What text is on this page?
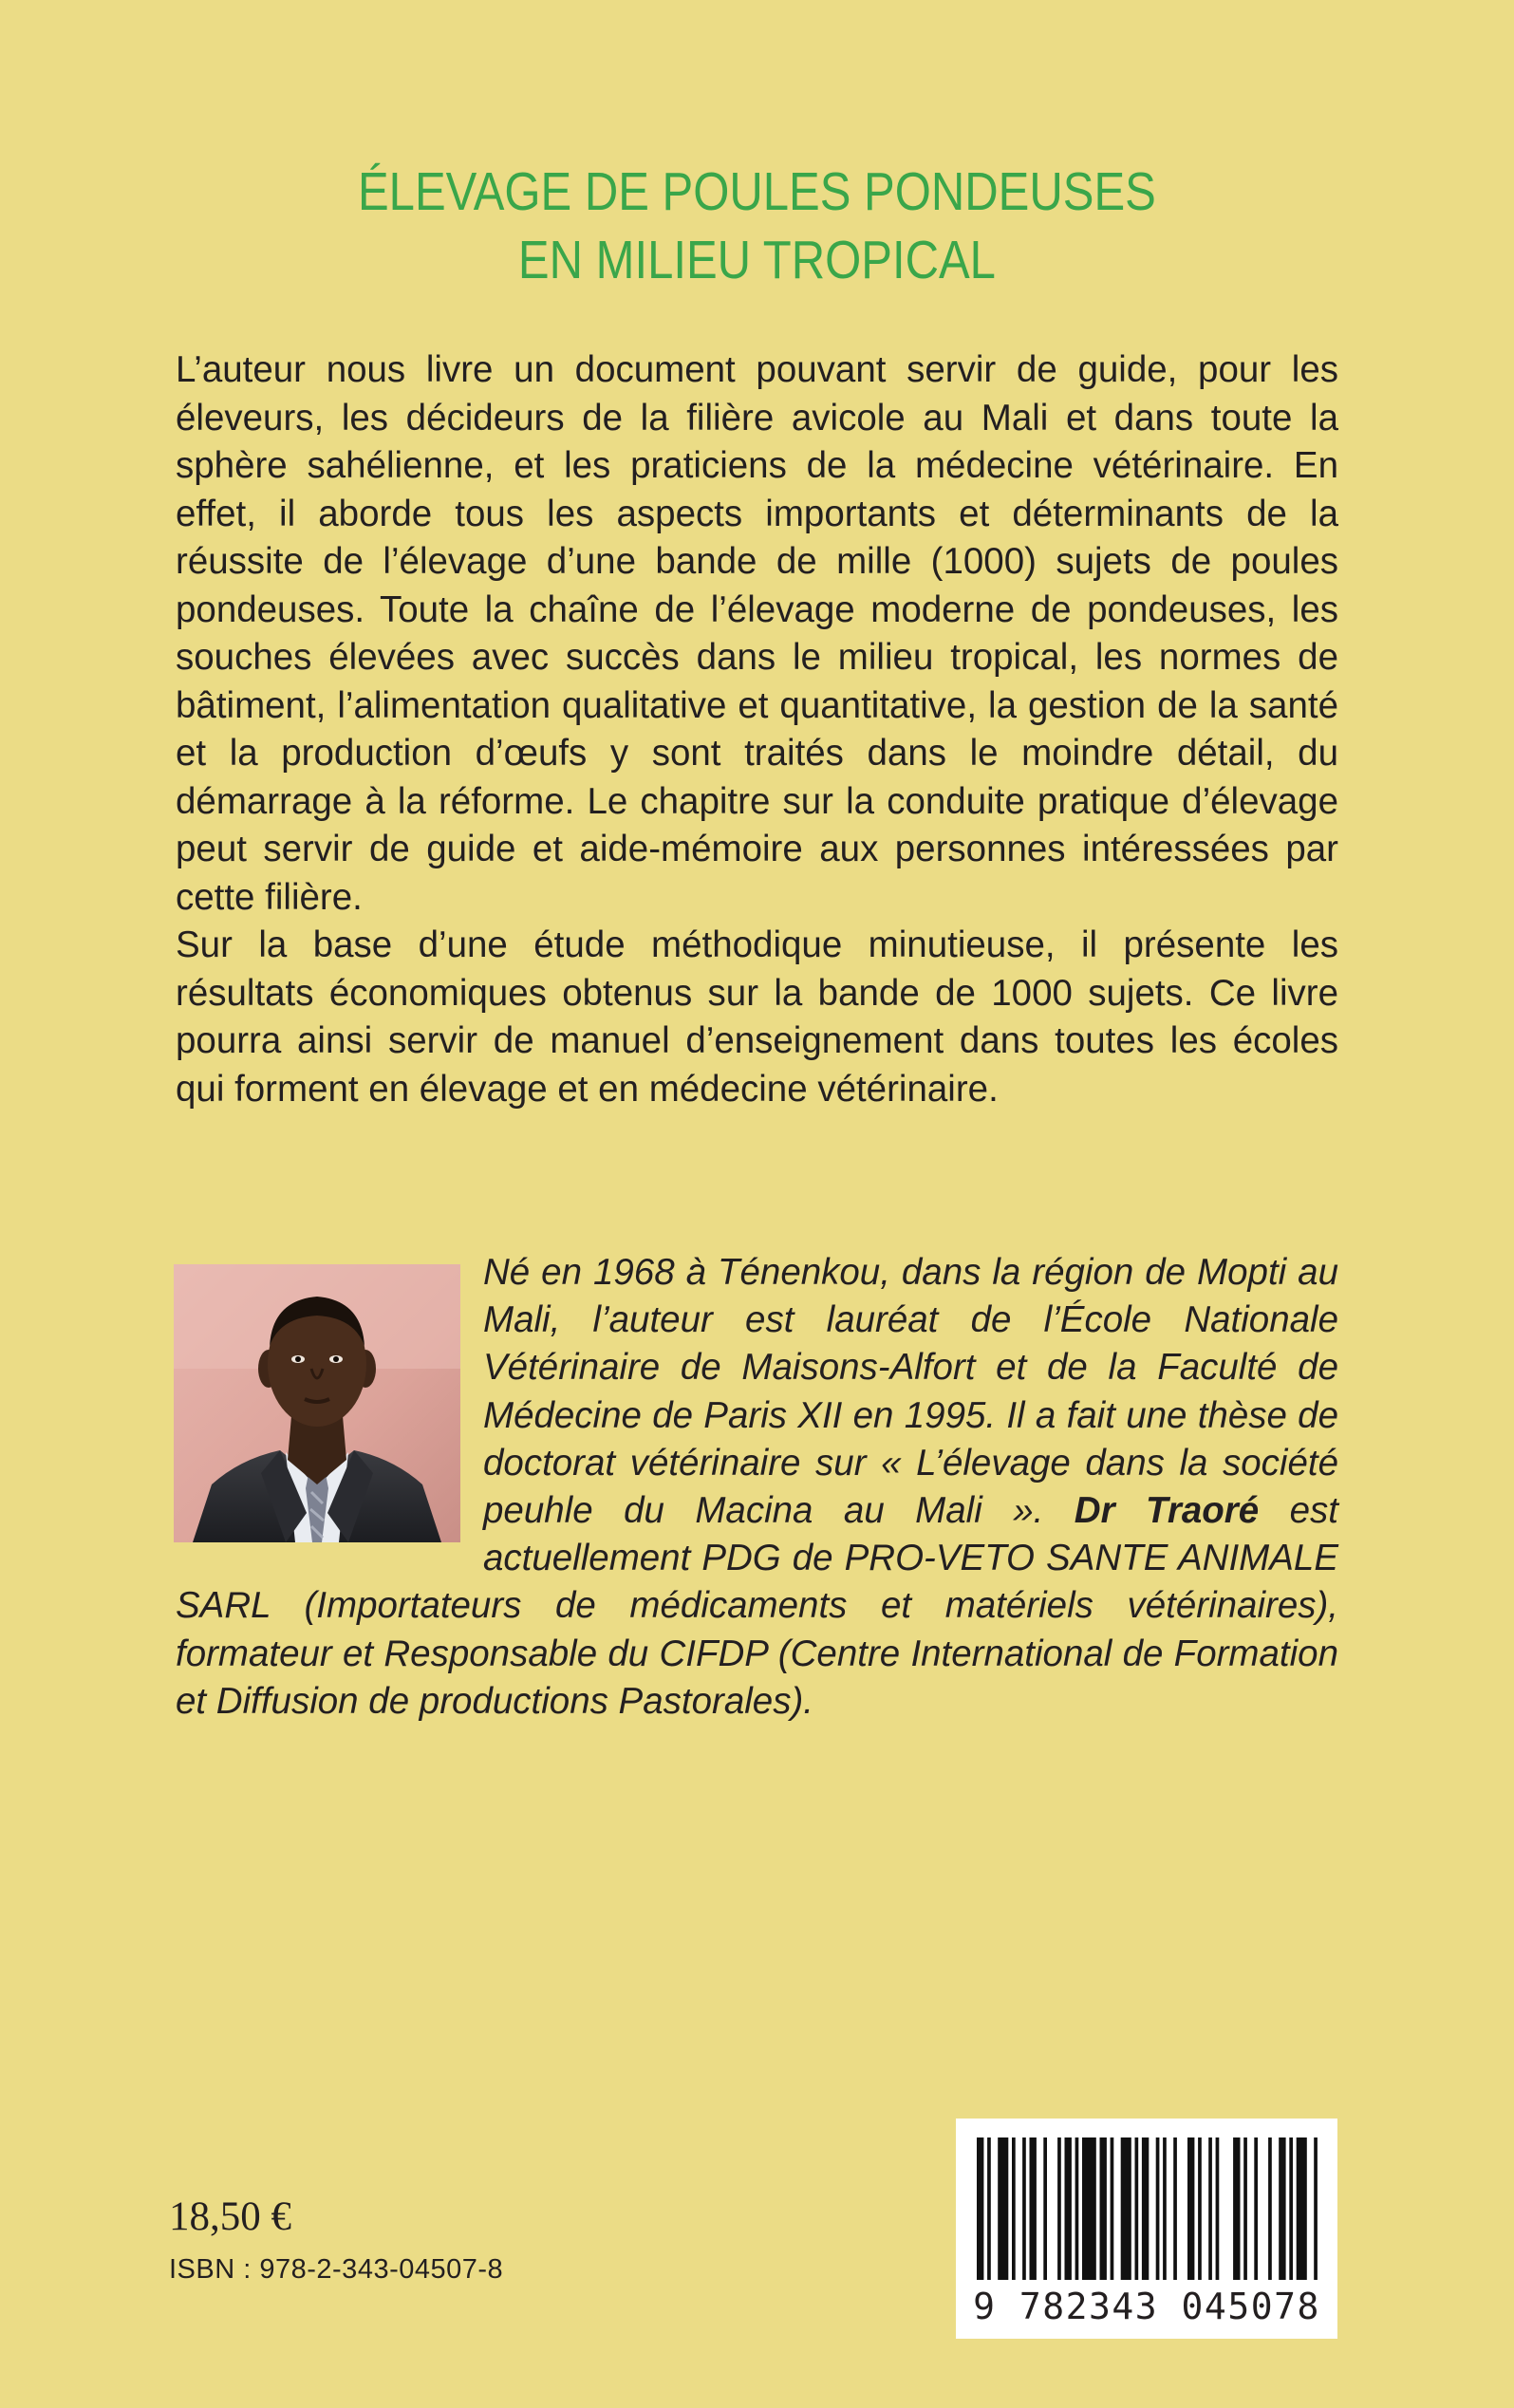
ÉLEVAGE DE POULES PONDEUSES
EN MILIEU TROPICAL

L’auteur nous livre un document pouvant servir de guide, pour les éleveurs, les décideurs de la filière avicole au Mali et dans toute la sphère sahélienne, et les praticiens de la médecine vétérinaire. En effet, il aborde tous les aspects importants et déterminants de la réussite de l’élevage d’une bande de mille (1000) sujets de poules pondeuses. Toute la chaîne de l’élevage moderne de pondeuses, les souches élevées avec succès dans le milieu tropical, les normes de bâtiment, l’alimentation qualitative et quantitative, la gestion de la santé et la production d’œufs y sont traités dans le moindre détail, du démarrage à la réforme. Le chapitre sur la conduite pratique d’élevage peut servir de guide et aide-mémoire aux personnes intéressées par cette filière.

Sur la base d’une étude méthodique minutieuse, il présente les résultats économiques obtenus sur la bande de 1000 sujets. Ce livre pourra ainsi servir de manuel d’enseignement dans toutes les écoles qui forment en élevage et en médecine vétérinaire.

Né en 1968 à Ténenkou, dans la région de Mopti au Mali, l’auteur est lauréat de l’École Nationale Vétérinaire de Maisons-Alfort et de la Faculté de Médecine de Paris XII en 1995. Il a fait une thèse de doctorat vétérinaire sur « L’élevage dans la société peuhle du Macina au Mali ». Dr Traoré est actuellement PDG de PRO-VETO SANTE ANIMALE SARL (Importateurs de médicaments et matériels vétérinaires), formateur et Responsable du CIFDP (Centre International de Formation et Diffusion de productions Pastorales).
18,50 €
ISBN : 978-2-343-04507-8
9 782343 045078
